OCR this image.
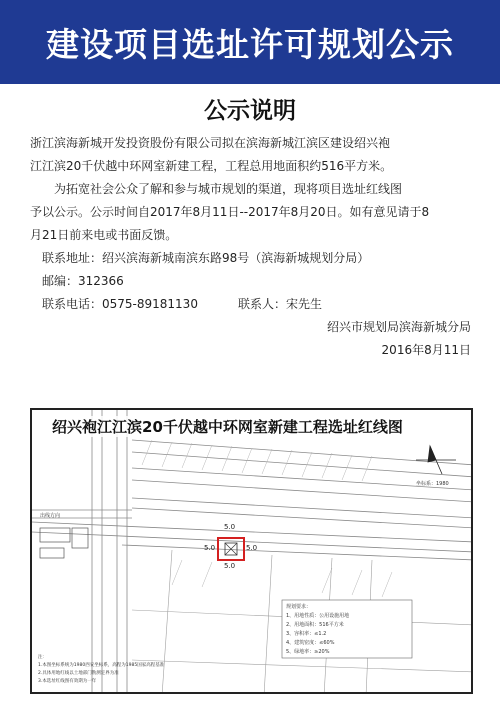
建设项目选址许可规划公示
公示说明
浙江滨海新城开发投资股份有限公司拟在滨海新城江滨区建设绍兴袍
江江滨20千伏越中环网室新建工程，工程总用地面积约516平方米。
为拓宽社会公众了解和参与城市规划的渠道，现将项目选址红线图
予以公示。公示时间自2017年8月11日--2017年8月20日。如有意见请于8
月21日前来电或书面反馈。
联系地址：绍兴滨海新城南滨东路98号（滨海新城规划分局）
邮编：312366
联系电话：0575-89181130	联系人：宋先生
绍兴市规划局滨海新城分局
2016年8月11日
绍兴袍江江滨20千伏越中环网室新建工程选址红线图
5.0
5.0	5.0
5.0
坐标系：1980
出线方向
规划要求：
1、用地性质：公用设施用地
2、用地面积：516平方米
3、容积率：≤1.2
4、建筑密度：≤60%
5、绿地率：≥20%
注：
1.本图坐标系统为1980西安坐标系，高程为1985国家高程基准
2.具体用地红线以土地部门勘测定界为准
3.本选址红线图有效期为一年
